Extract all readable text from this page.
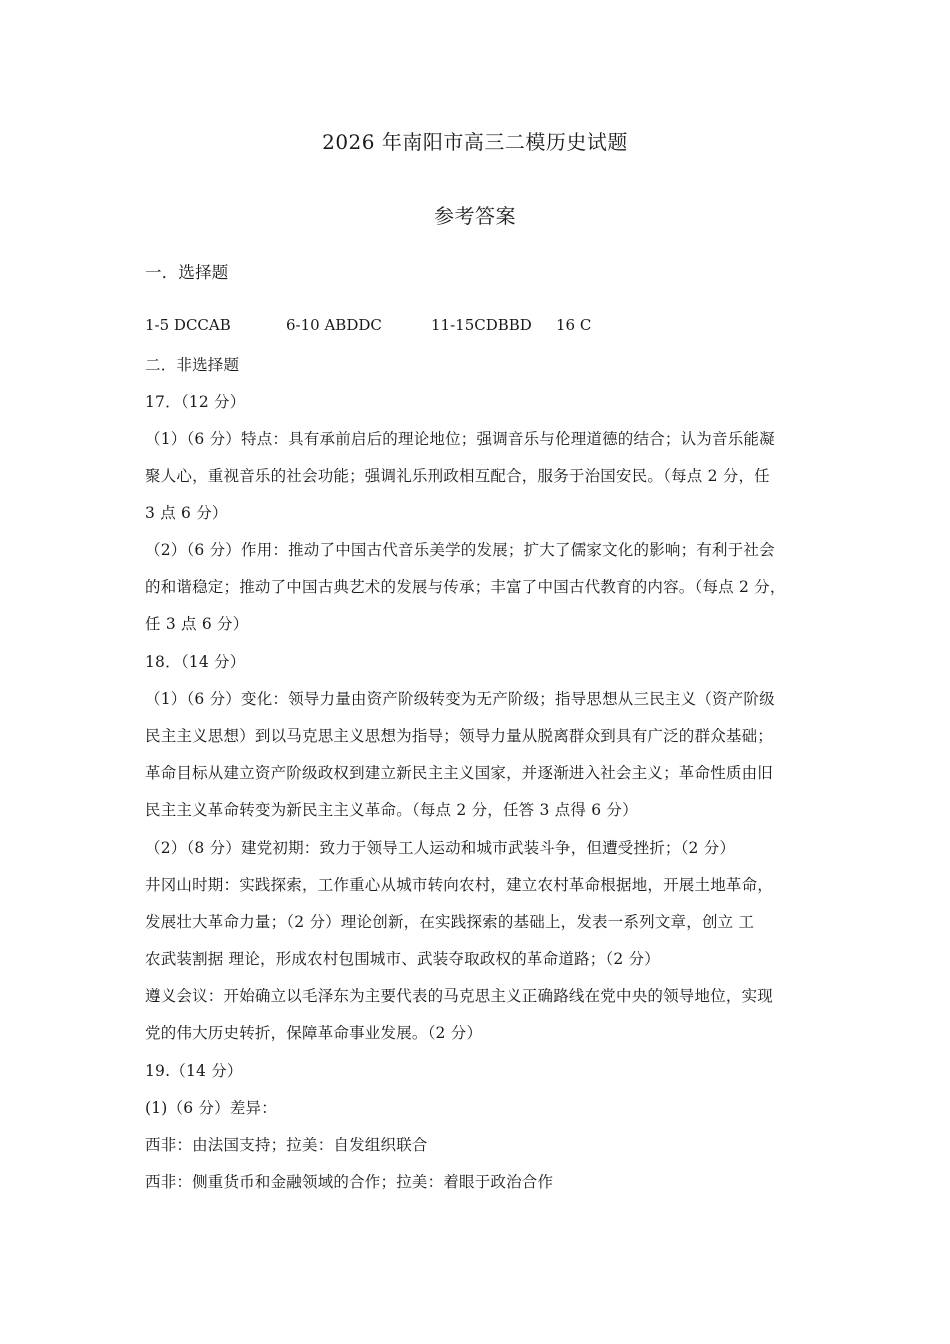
2026 年南阳市高三二模历史试题
参考答案
一．选择题
1-5 DCCAB	6-10 ABDDC	11-15CDBBD 16 C
二．非选择题
17．（12 分）
（1）（6 分）特点：具有承前启后的理论地位；强调音乐与伦理道德的结合；认为音乐能凝
聚人心，重视音乐的社会功能；强调礼乐刑政相互配合，服务于治国安民。（每点 2 分，任
3 点 6 分）
（2）（6 分）作用：推动了中国古代音乐美学的发展；扩大了儒家文化的影响；有利于社会
的和谐稳定；推动了中国古典艺术的发展与传承；丰富了中国古代教育的内容。（每点 2 分，
任 3 点 6 分）
18．（14 分）
（1）（6 分）变化：领导力量由资产阶级转变为无产阶级；指导思想从三民主义（资产阶级
民主主义思想）到以马克思主义思想为指导；领导力量从脱离群众到具有广泛的群众基础；
革命目标从建立资产阶级政权到建立新民主主义国家，并逐渐进入社会主义；革命性质由旧
民主主义革命转变为新民主主义革命。（每点 2 分，任答 3 点得 6 分）
（2）（8 分）建党初期：致力于领导工人运动和城市武装斗争，但遭受挫折；（2 分）
井冈山时期：实践探索，工作重心从城市转向农村，建立农村革命根据地，开展土地革命，
发展壮大革命力量；（2 分）理论创新，在实践探索的基础上，发表一系列文章，创立 工
农武装割据 理论，形成农村包围城市、武装夺取政权的革命道路；（2 分）
遵义会议：开始确立以毛泽东为主要代表的马克思主义正确路线在党中央的领导地位，实现
党的伟大历史转折，保障革命事业发展。（2 分）
19.（14 分）
(1)（6 分）差异：
西非：由法国支持；拉美：自发组织联合
西非：侧重货币和金融领域的合作；拉美：着眼于政治合作
